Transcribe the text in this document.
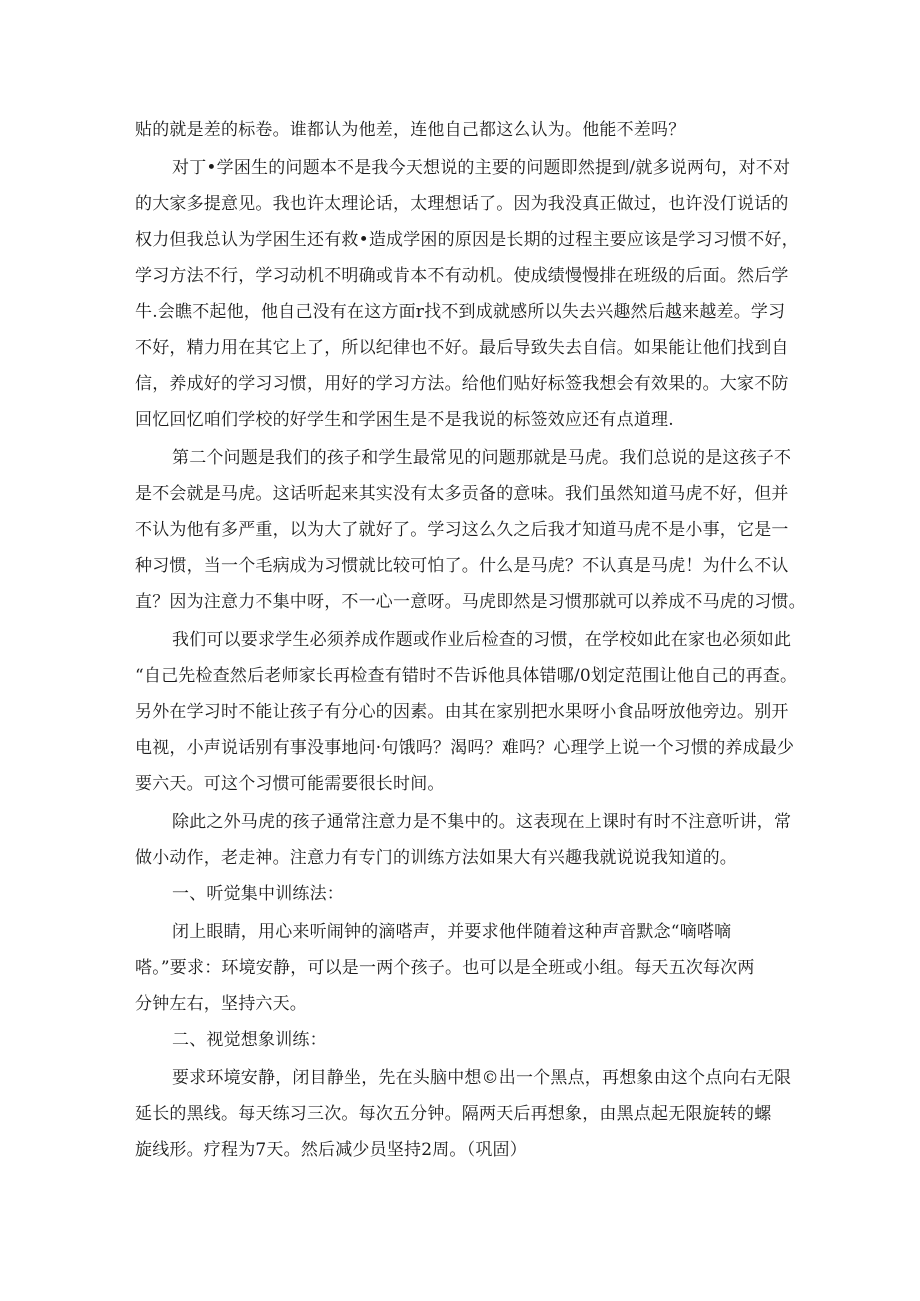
贴的就是差的标卷。谁都认为他差，连他自己都这么认为。他能不差吗？

对丁•学困生的问题本不是我今天想说的主要的问题即然提到/就多说两句，对不对

的大家多提意见。我也许太理论话，太理想话了。因为我没真正做过，也许没仃说话的

权力但我总认为学困生还有救•造成学困的原因是长期的过程主要应该是学习习惯不好，

学习方法不行，学习动机不明确或肯本不有动机。使成绩慢慢排在班级的后面。然后学

牛.会瞧不起他，他自己没有在这方面r找不到成就感所以失去兴趣然后越来越差。学习

不好，精力用在其它上了，所以纪律也不好。最后导致失去自信。如果能让他们找到自

信，养成好的学习习惯，用好的学习方法。给他们贴好标签我想会有效果的。大家不防

回忆回忆咱们学校的好学生和学困生是不是我说的标签效应还有点道理.

第二个问题是我们的孩子和学生最常见的问题那就是马虎。我们总说的是这孩子不

是不会就是马虎。这话听起来其实没有太多贡备的意味。我们虽然知道马虎不好，但并

不认为他有多严重，以为大了就好了。学习这么久之后我才知道马虎不是小事，它是一

种习惯，当一个毛病成为习惯就比较可怕了。什么是马虎？不认真是马虎！为什么不认

直？因为注意力不集中呀，不一心一意呀。马虎即然是习惯那就可以养成不马虎的习惯。

我们可以要求学生必须养成作题或作业后检查的习惯，在学校如此在家也必须如此

“自己先检查然后老师家长再检查有错时不告诉他具体错哪/0划定范围让他自己的再查。

另外在学习时不能让孩子有分心的因素。由其在家别把水果呀小食品呀放他旁边。别开

电视，小声说话别有事没事地问·句饿吗？渴吗？难吗？心理学上说一个习惯的养成最少

要六天。可这个习惯可能需要很长时间。

除此之外马虎的孩子通常注意力是不集中的。这表现在上课时有时不注意听讲，常

做小动作，老走神。注意力有专门的训练方法如果大有兴趣我就说说我知道的。

一、听觉集中训练法：

闭上眼睛，用心来听闹钟的滴嗒声，并要求他伴随着这种声音默念“嘀嗒嘀

嗒。”要求：环境安静，可以是一两个孩子。也可以是全班或小组。每天五次每次两

分钟左右，坚持六天。

二、视觉想象训练：

要求环境安静，闭目静坐，先在头脑中想©出一个黑点，再想象由这个点向右无限

延长的黑线。每天练习三次。每次五分钟。隔两天后再想象，由黑点起无限旋转的螺

旋线形。疗程为7天。然后减少员坚持2周。（巩固）
